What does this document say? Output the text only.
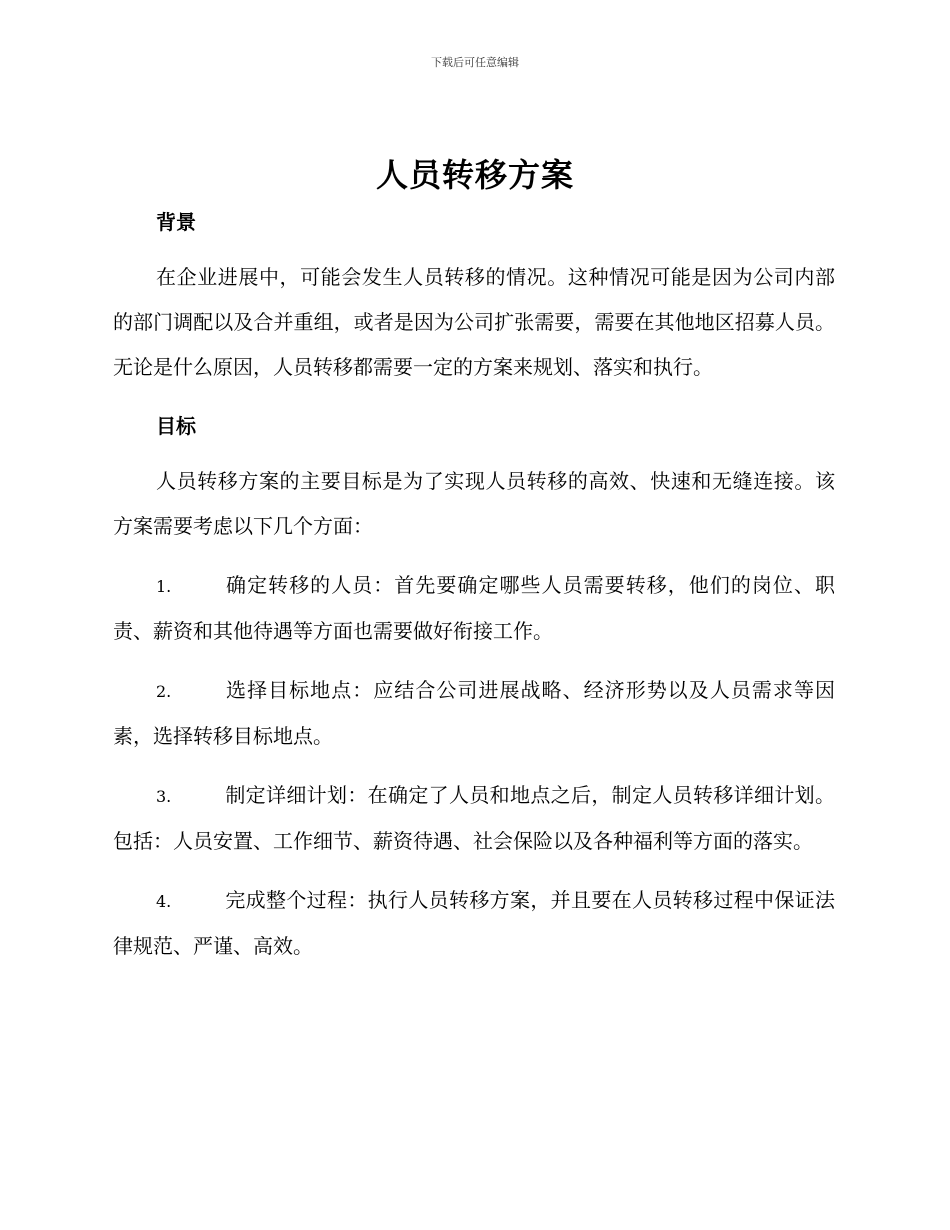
下载后可任意编辑
人员转移方案
背景

在企业进展中，可能会发生人员转移的情况。这种情况可能是因为公司内部的部门调配以及合并重组，或者是因为公司扩张需要，需要在其他地区招募人员。无论是什么原因，人员转移都需要一定的方案来规划、落实和执行。

目标

人员转移方案的主要目标是为了实现人员转移的高效、快速和无缝连接。该方案需要考虑以下几个方面：

1.	确定转移的人员：首先要确定哪些人员需要转移，他们的岗位、职责、薪资和其他待遇等方面也需要做好衔接工作。

2.	选择目标地点：应结合公司进展战略、经济形势以及人员需求等因素，选择转移目标地点。

3.	制定详细计划：在确定了人员和地点之后，制定人员转移详细计划。包括：人员安置、工作细节、薪资待遇、社会保险以及各种福利等方面的落实。

4.	完成整个过程：执行人员转移方案，并且要在人员转移过程中保证法律规范、严谨、高效。
